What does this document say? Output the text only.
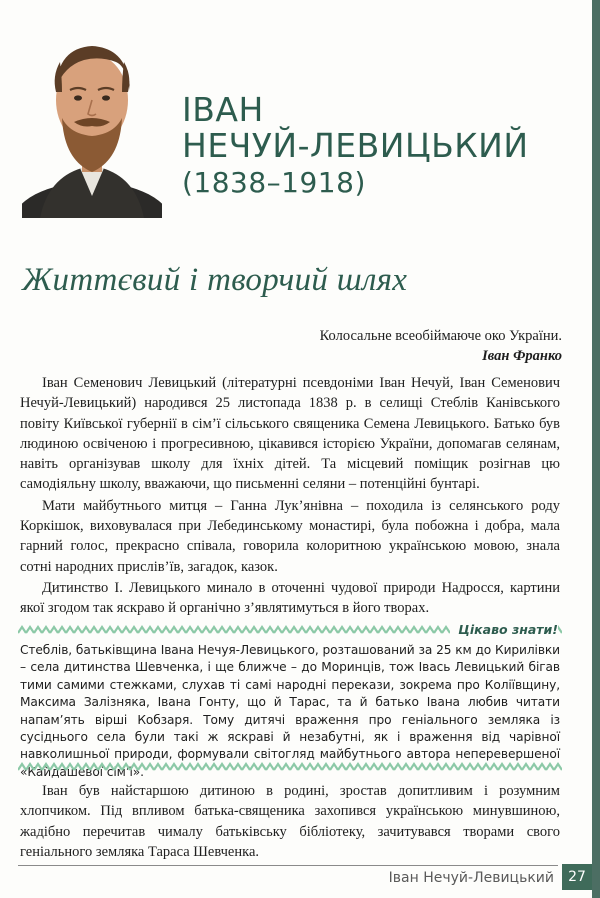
ІВАН
НЕЧУЙ-ЛЕВИЦЬКИЙ
(1838–1918)
Життєвий і творчий шлях
Колосальне всеобіймаюче око України.
Іван Франко

Іван Семенович Левицький (літературні псевдоніми Іван Нечуй, Іван Семенович Нечуй-Левицький) народився 25 листопада 1838 р. в селищі Стеблів Канівського повіту Київської губернії в сім’ї сільського священика Семена Левицького. Батько був людиною освіченою і прогресивною, цікавився історією України, допомагав селянам, навіть організував школу для їхніх дітей. Та місцевий поміщик розігнав цю самодіяльну школу, вважаючи, що письменні селяни – потенційні бунтарі.

Мати майбутнього митця – Ганна Лук’янівна – походила із селянського роду Коркішок, виховувалася при Лебединському монастирі, була побожна і добра, мала гарний голос, прекрасно співала, говорила колоритною українською мовою, знала сотні народних прислів’їв, загадок, казок.

Дитинство І. Левицького минало в оточенні чудової природи Надросся, картини якої згодом так яскраво й органічно з’являтимуться в його творах.

Цікаво знати!
Стеблів, батьківщина Івана Нечуя-Левицького, розташований за 25 км до Кирилівки – села дитинства Шевченка, і ще ближче – до Моринців, тож Івась Левицький бігав тими самими стежками, слухав ті самі народні перекази, зокрема про Коліївщину, Максима Залізняка, Івана Гонту, що й Тарас, та й батько Івана любив читати напам’ять вірші Кобзаря. Тому дитячі враження про геніального земляка із сусіднього села були такі ж яскраві й незабутні, як і враження від чарівної навколишньої природи, формували світогляд майбутнього автора неперевершеної

Іван був найстаршою дитиною в родині, зростав допитливим і розумним хлопчиком. Під впливом батька-священика захопився українською минувшиною, жадібно перечитав чималу батьківську бібліотеку, зачитувався творами свого геніального земляка Тараса Шевченка.

Іван Нечуй-Левицький	27
